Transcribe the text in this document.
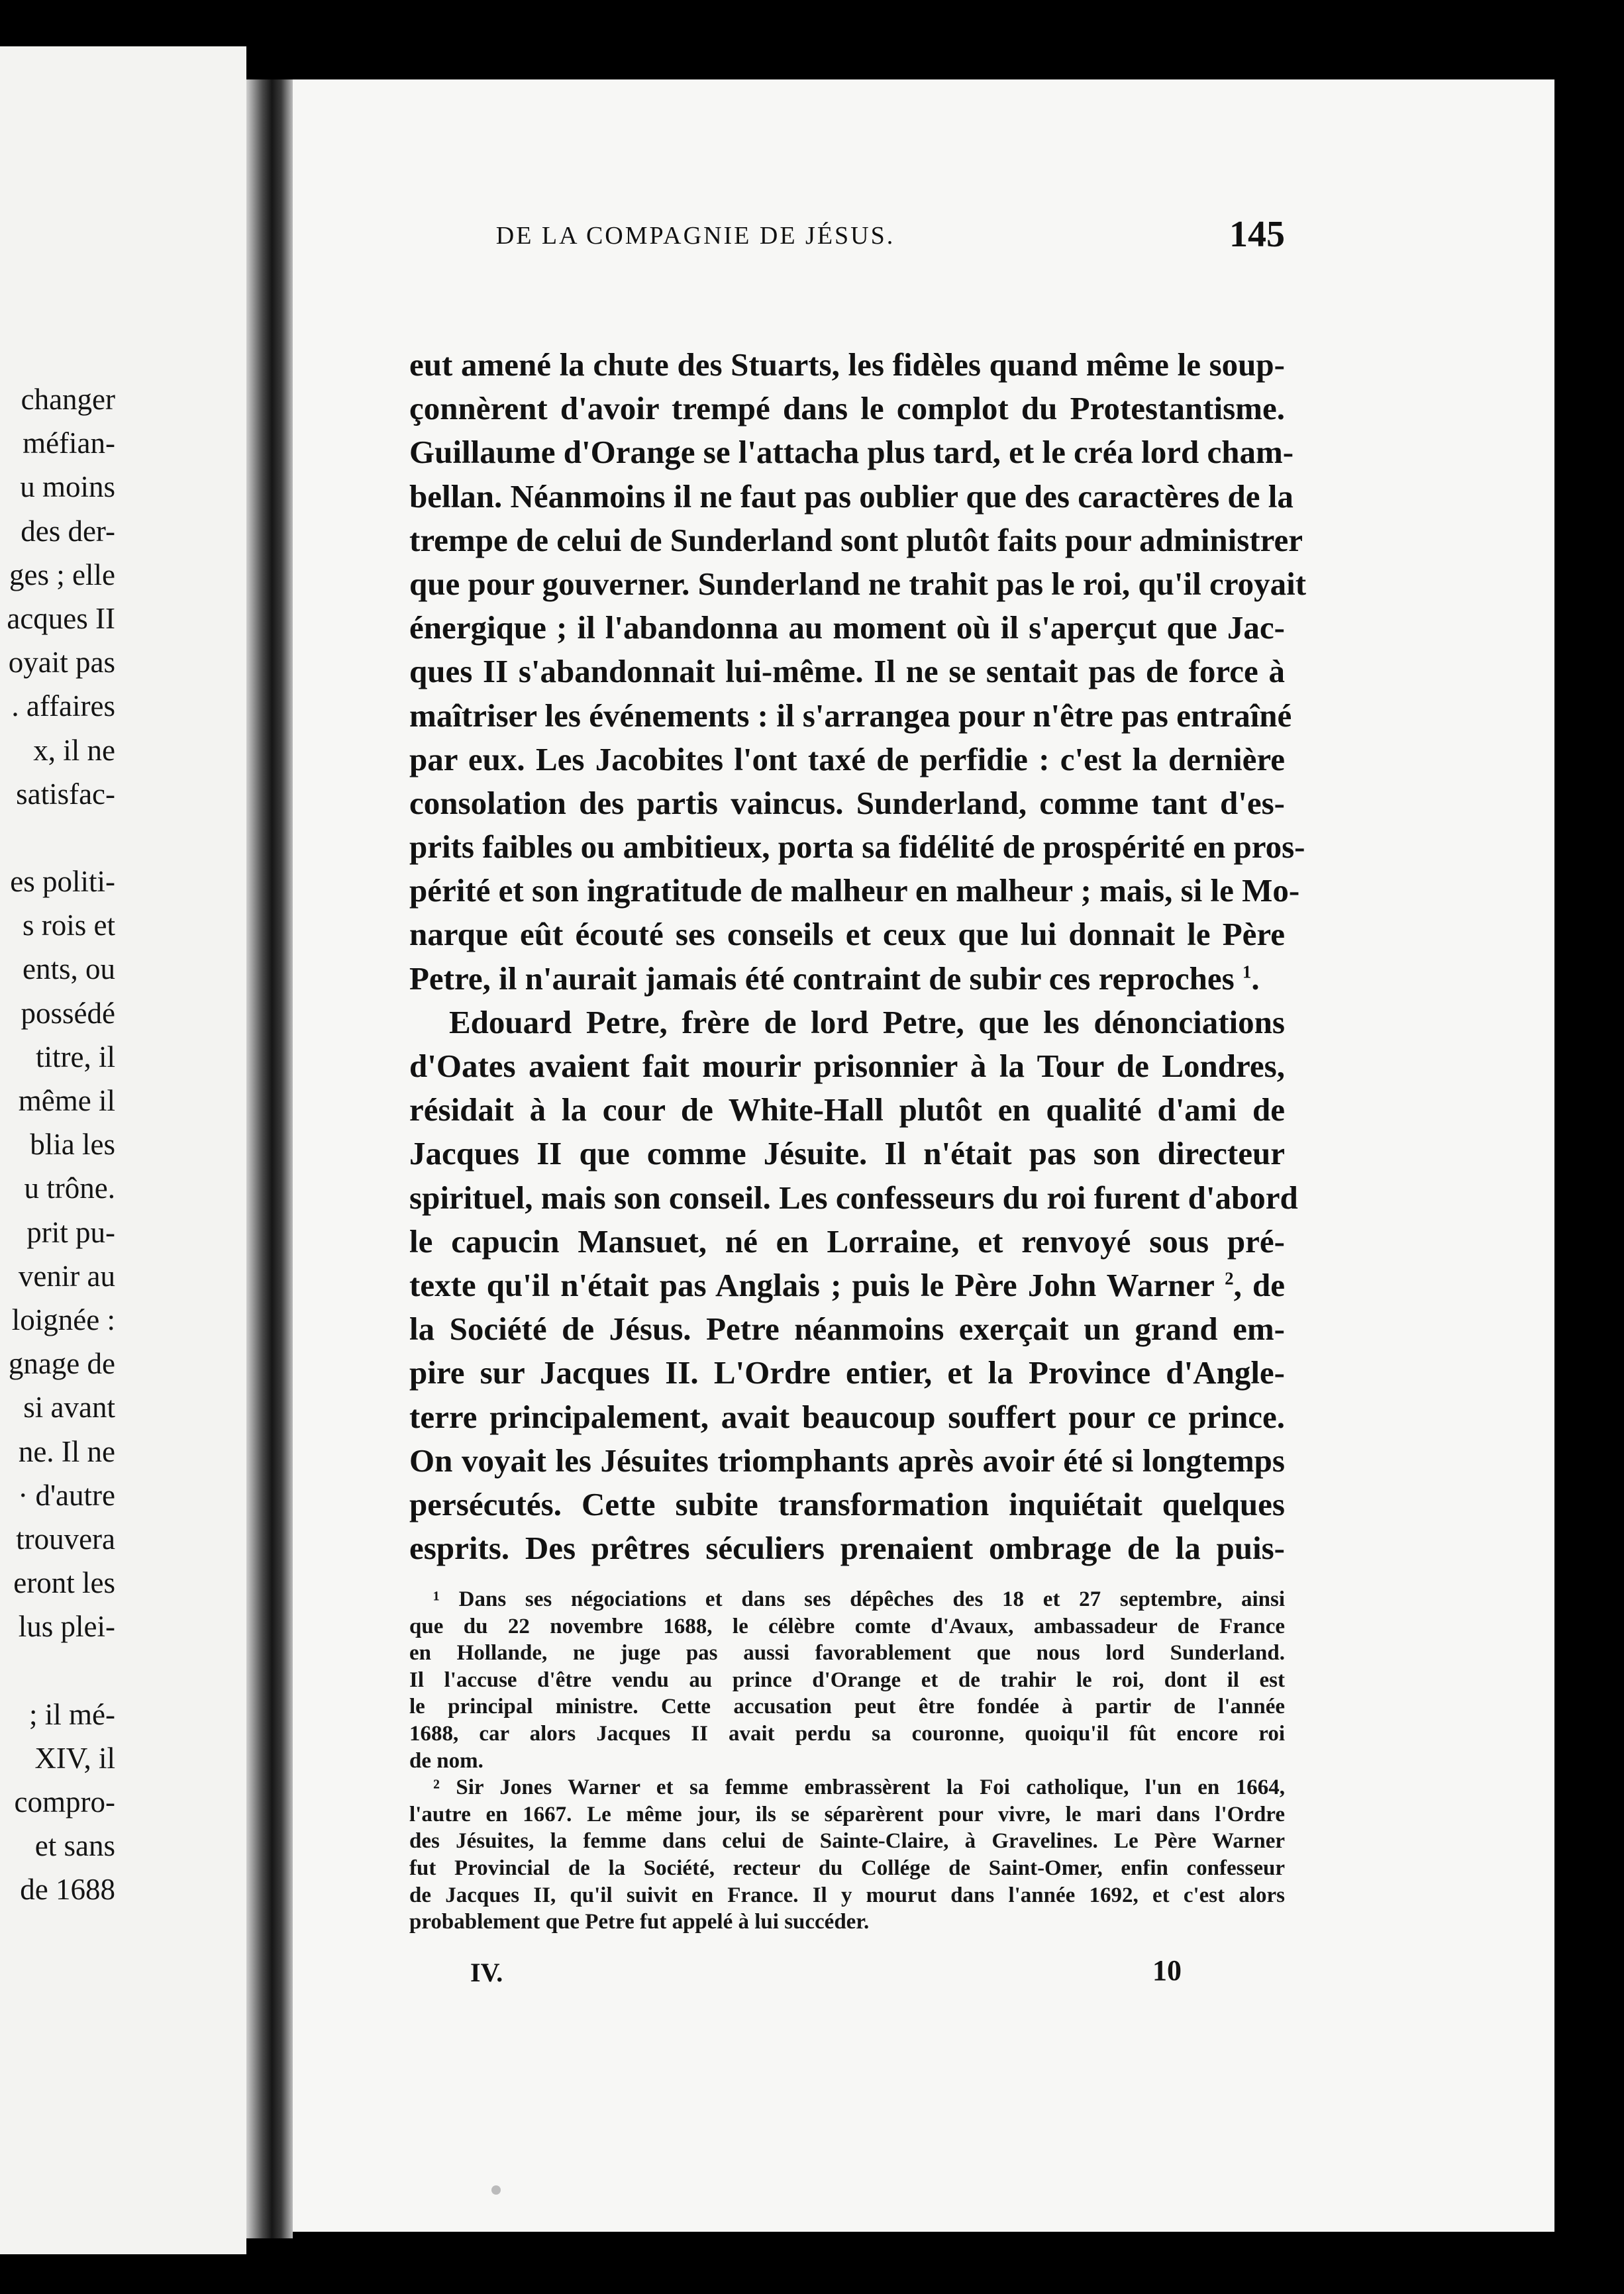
changer
méfian-
u moins
des der-
ges ; elle
acques II
oyait pas
. affaires
x, il ne
satisfac-
es politi-
s rois et
ents, ou
possédé
titre, il
même il
blia les
u trône.
prit pu-
venir au
loignée :
gnage de
si avant
ne. Il ne
· d'autre
trouvera
eront les
lus plei-
; il mé-
XIV, il
compro-
et sans
de 1688
DE LA COMPAGNIE DE JÉSUS.	145
eut amené la chute des Stuarts, les fidèles quand même le soup-
çonnèrent d'avoir trempé dans le complot du Protestantisme.
Guillaume d'Orange se l'attacha plus tard, et le créa lord cham-
bellan. Néanmoins il ne faut pas oublier que des caractères de la
trempe de celui de Sunderland sont plutôt faits pour administrer
que pour gouverner. Sunderland ne trahit pas le roi, qu'il croyait
énergique ; il l'abandonna au moment où il s'aperçut que Jac-
ques II s'abandonnait lui-même. Il ne se sentait pas de force à
maîtriser les événements : il s'arrangea pour n'être pas entraîné
par eux. Les Jacobites l'ont taxé de perfidie : c'est la dernière
consolation des partis vaincus. Sunderland, comme tant d'es-
prits faibles ou ambitieux, porta sa fidélité de prospérité en pros-
périté et son ingratitude de malheur en malheur ; mais, si le Mo-
narque eût écouté ses conseils et ceux que lui donnait le Père
Petre, il n'aurait jamais été contraint de subir ces reproches $^1$.
Edouard Petre, frère de lord Petre, que les dénonciations
d'Oates avaient fait mourir prisonnier à la Tour de Londres,
résidait à la cour de White-Hall plutôt en qualité d'ami de
Jacques II que comme Jésuite. Il n'était pas son directeur
spirituel, mais son conseil. Les confesseurs du roi furent d'abord
le capucin Mansuet, né en Lorraine, et renvoyé sous pré-
texte qu'il n'était pas Anglais ; puis le Père John Warner $^2$, de
la Société de Jésus. Petre néanmoins exerçait un grand em-
pire sur Jacques II. L'Ordre entier, et la Province d'Angle-
terre principalement, avait beaucoup souffert pour ce prince.
On voyait les Jésuites triomphants après avoir été si longtemps
persécutés. Cette subite transformation inquiétait quelques
esprits. Des prêtres séculiers prenaient ombrage de la puis-
¹ Dans ses négociations et dans ses dépêches des 18 et 27 septembre, ainsi
que du 22 novembre 1688, le célèbre comte d'Avaux, ambassadeur de France
en Hollande, ne juge pas aussi favorablement que nous lord Sunderland.
Il l'accuse d'être vendu au prince d'Orange et de trahir le roi, dont il est
le principal ministre. Cette accusation peut être fondée à partir de l'année
1688, car alors Jacques II avait perdu sa couronne, quoiqu'il fût encore roi
de nom.
² Sir Jones Warner et sa femme embrassèrent la Foi catholique, l'un en 1664,
l'autre en 1667. Le même jour, ils se séparèrent pour vivre, le mari dans l'Ordre
des Jésuites, la femme dans celui de Sainte-Claire, à Gravelines. Le Père Warner
fut Provincial de la Société, recteur du Collége de Saint-Omer, enfin confesseur
de Jacques II, qu'il suivit en France. Il y mourut dans l'année 1692, et c'est alors
probablement que Petre fut appelé à lui succéder.
IV.	10
